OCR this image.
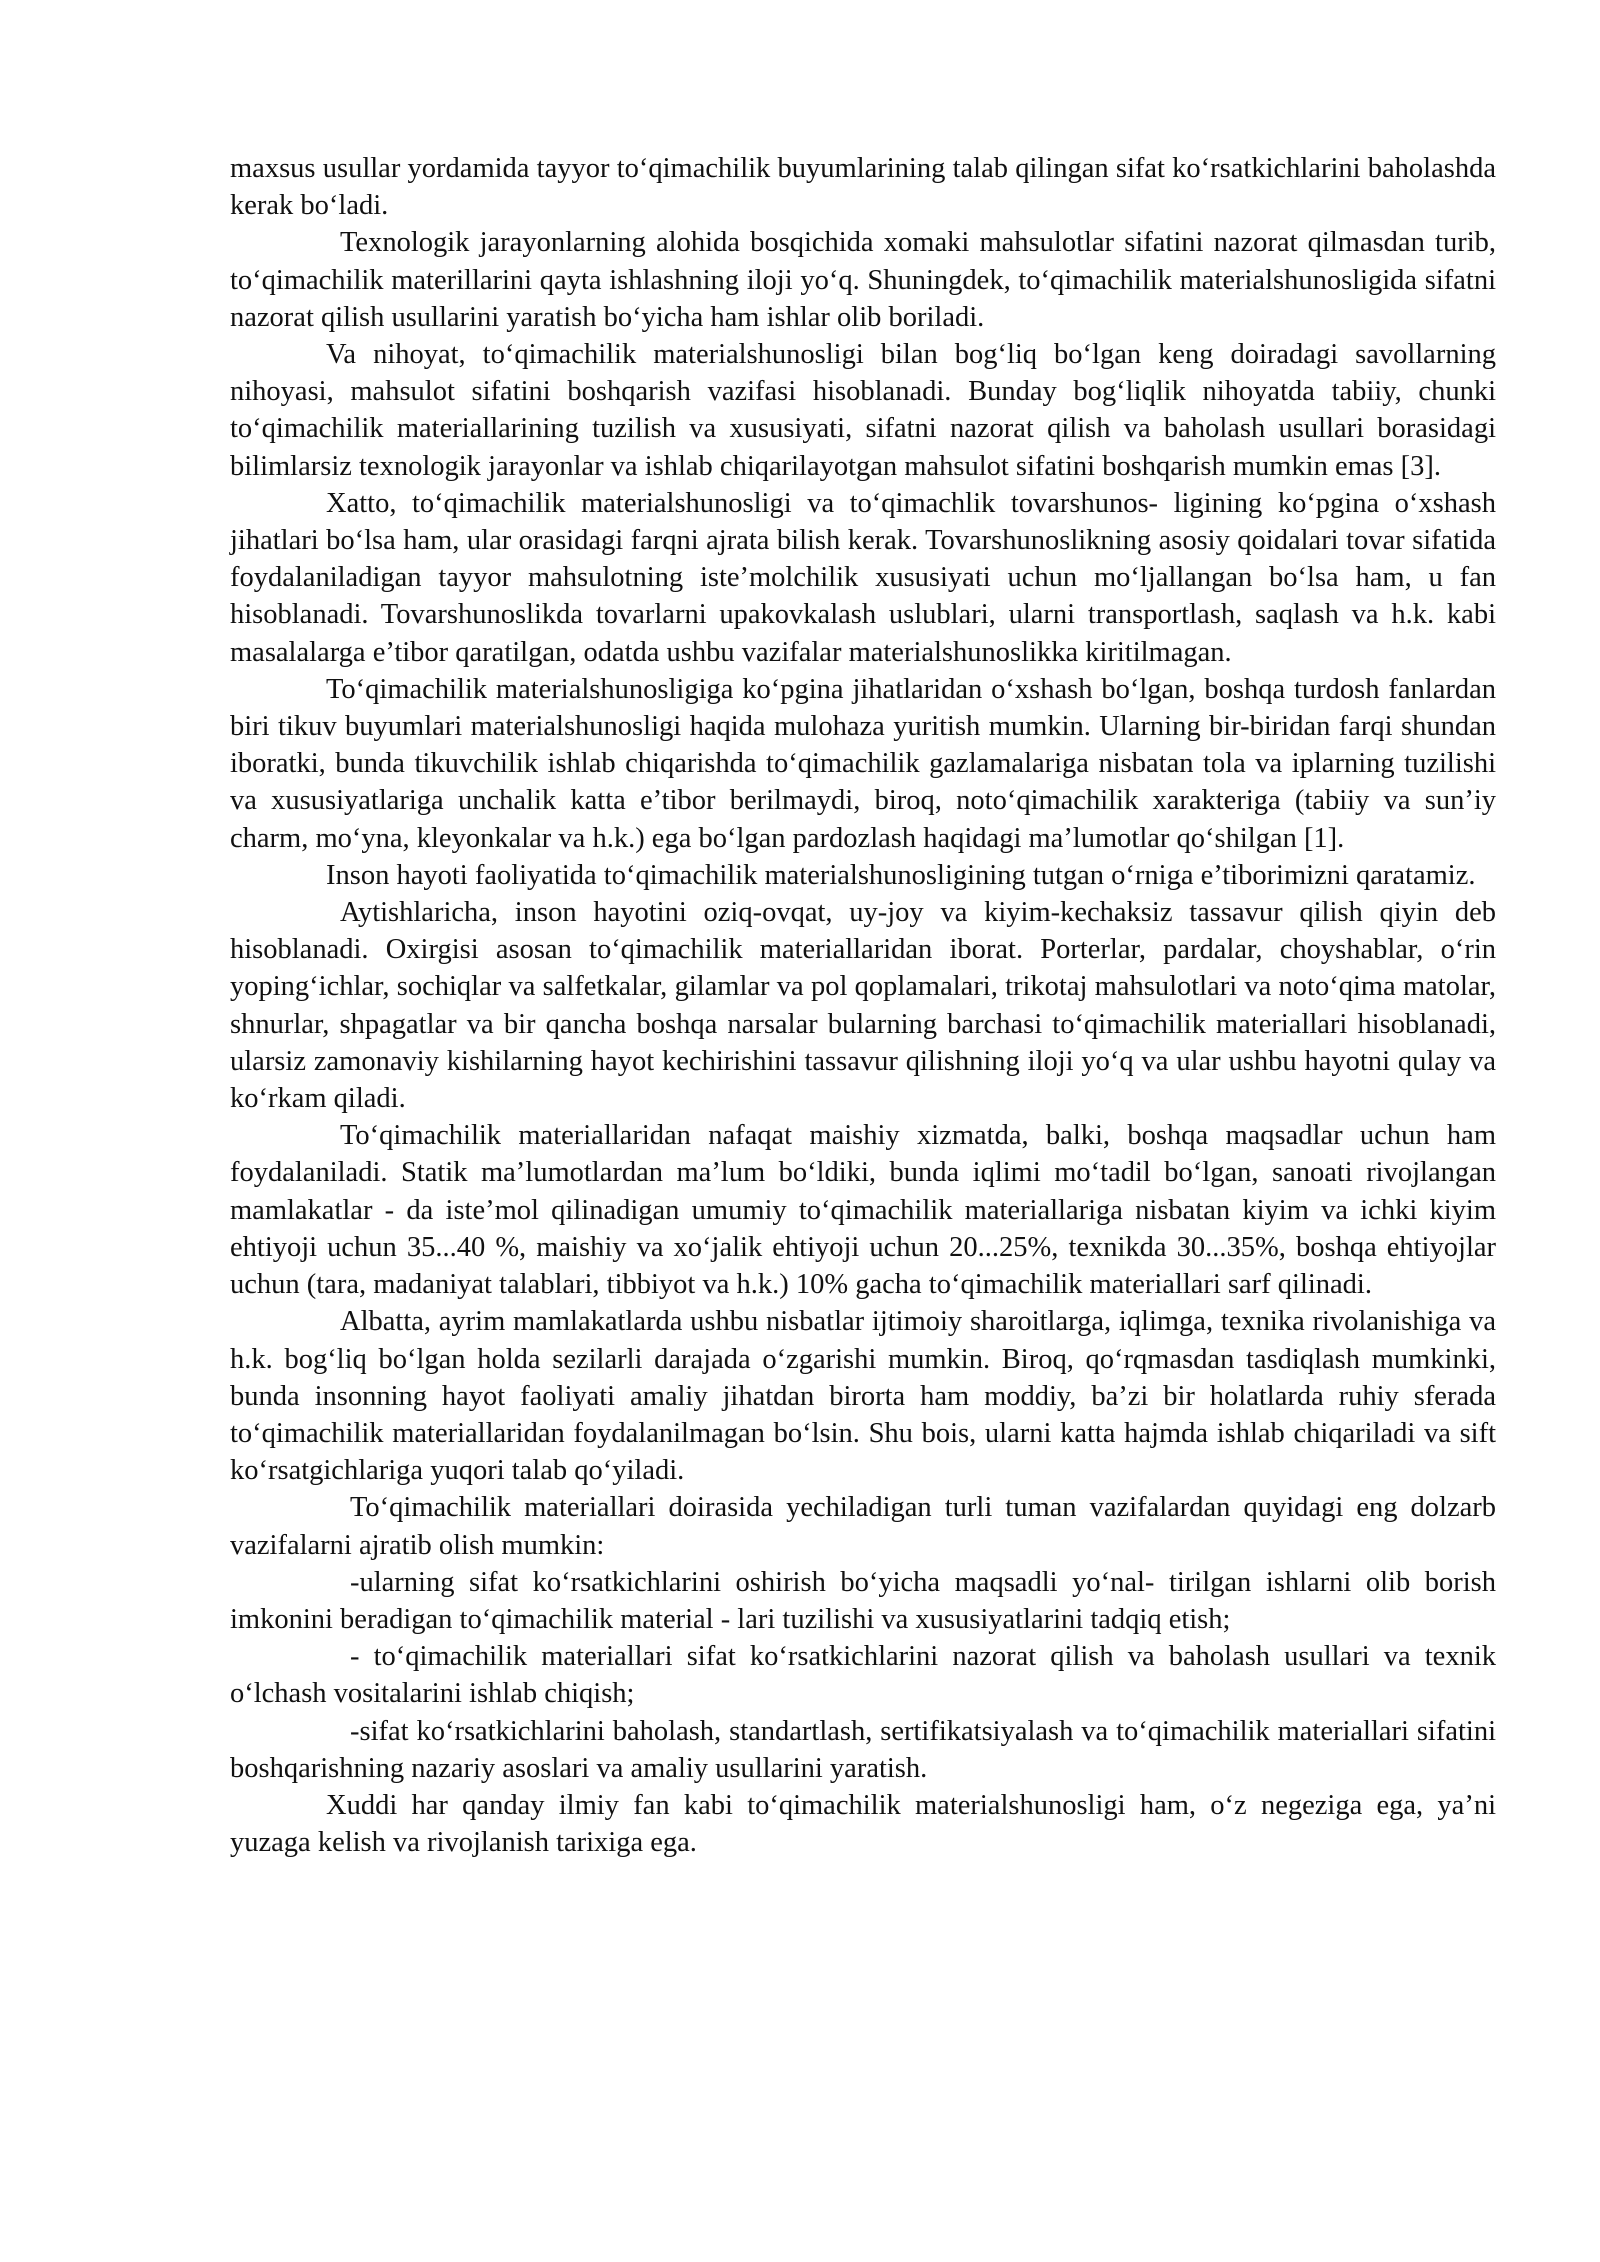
maxsus usullar yordamida tayyor to‘qimachilik buyumlarining talab qilingan sifat ko‘rsatkichlarini baholashda kerak bo‘ladi.

Texnologik jarayonlarning alohida bosqichida xomaki mahsulotlar sifatini nazorat qilmasdan turib, to‘qimachilik materillarini qayta ishlashning iloji yo‘q. Shuningdek, to‘qimachilik materialshunosligida sifatni nazorat qilish usullarini yaratish bo‘yicha ham ishlar olib boriladi.

Va nihoyat, to‘qimachilik materialshunosligi bilan bog‘liq bo‘lgan keng doiradagi savollarning nihoyasi, mahsulot sifatini boshqarish vazifasi hisoblanadi. Bunday bog‘liqlik nihoyatda tabiiy, chunki to‘qimachilik materiallarining tuzilish va xususiyati, sifatni nazorat qilish va baholash usullari borasidagi bilimlarsiz texnologik jarayonlar va ishlab chiqarilayotgan mahsulot sifatini boshqarish mumkin emas [3].

Xatto, to‘qimachilik materialshunosligi va to‘qimachlik tovarshunos- ligining ko‘pgina o‘xshash jihatlari bo‘lsa ham, ular orasidagi farqni ajrata bilish kerak. Tovarshunoslikning asosiy qoidalari tovar sifatida foydalaniladigan tayyor mahsulotning iste’molchilik xususiyati uchun mo‘ljallangan bo‘lsa ham, u fan hisoblanadi. Tovarshunoslikda tovarlarni upakovkalash uslublari, ularni transportlash, saqlash va h.k. kabi masalalarga e’tibor qaratilgan, odatda ushbu vazifalar materialshunoslikka kiritilmagan.

To‘qimachilik materialshunosligiga ko‘pgina jihatlaridan o‘xshash bo‘lgan, boshqa turdosh fanlardan biri tikuv buyumlari materialshunosligi haqida mulohaza yuritish mumkin. Ularning bir-biridan farqi shundan iboratki, bunda tikuvchilik ishlab chiqarishda to‘qimachilik gazlamalariga nisbatan tola va iplarning tuzilishi va xususiyatlariga unchalik katta e’tibor berilmaydi, biroq, noto‘qimachilik xarakteriga (tabiiy va sun’iy charm, mo‘yna, kleyonkalar va h.k.) ega bo‘lgan pardozlash haqidagi ma’lumotlar qo‘shilgan [1].

Inson hayoti faoliyatida to‘qimachilik materialshunosligining tutgan o‘rniga e’tiborimizni qaratamiz.

Aytishlaricha, inson hayotini oziq-ovqat, uy-joy va kiyim-kechaksiz tassavur qilish qiyin deb hisoblanadi. Oxirgisi asosan to‘qimachilik materiallaridan iborat. Porterlar, pardalar, choyshablar, o‘rin yoping‘ichlar, sochiqlar va salfetkalar, gilamlar va pol qoplamalari, trikotaj mahsulotlari va noto‘qima matolar, shnurlar, shpagatlar va bir qancha boshqa narsalar bularning barchasi to‘qimachilik materiallari hisoblanadi, ularsiz zamonaviy kishilarning hayot kechirishini tassavur qilishning iloji yo‘q va ular ushbu hayotni qulay va ko‘rkam qiladi.

To‘qimachilik materiallaridan nafaqat maishiy xizmatda, balki, boshqa maqsadlar uchun ham foydalaniladi. Statik ma’lumotlardan ma’lum bo‘ldiki, bunda iqlimi mo‘tadil bo‘lgan, sanoati rivojlangan mamlakatlar - da iste’mol qilinadigan umumiy to‘qimachilik materiallariga nisbatan kiyim va ichki kiyim ehtiyoji uchun 35...40 %, maishiy va xo‘jalik ehtiyoji uchun 20...25%, texnikda 30...35%, boshqa ehtiyojlar uchun (tara, madaniyat talablari, tibbiyot va h.k.) 10% gacha to‘qimachilik materiallari sarf qilinadi.

Albatta, ayrim mamlakatlarda ushbu nisbatlar ijtimoiy sharoitlarga, iqlimga, texnika rivolanishiga va h.k. bog‘liq bo‘lgan holda sezilarli darajada o‘zgarishi mumkin. Biroq, qo‘rqmasdan tasdiqlash mumkinki, bunda insonning hayot faoliyati amaliy jihatdan birorta ham moddiy, ba’zi bir holatlarda ruhiy sferada to‘qimachilik materiallaridan foydalanilmagan bo‘lsin. Shu bois, ularni katta hajmda ishlab chiqariladi va sift ko‘rsatgichlariga yuqori talab qo‘yiladi.

To‘qimachilik materiallari doirasida yechiladigan turli tuman vazifalardan quyidagi eng dolzarb vazifalarni ajratib olish mumkin:

-ularning sifat ko‘rsatkichlarini oshirish bo‘yicha maqsadli yo‘nal- tirilgan ishlarni olib borish imkonini beradigan to‘qimachilik material - lari tuzilishi va xususiyatlarini tadqiq etish;

- to‘qimachilik materiallari sifat ko‘rsatkichlarini nazorat qilish va baholash usullari va texnik o‘lchash vositalarini ishlab chiqish;

-sifat ko‘rsatkichlarini baholash, standartlash, sertifikatsiyalash va to‘qimachilik materiallari sifatini boshqarishning nazariy asoslari va amaliy usullarini yaratish.

Xuddi har qanday ilmiy fan kabi to‘qimachilik materialshunosligi ham, o‘z negeziga ega, ya’ni yuzaga kelish va rivojlanish tarixiga ega.
